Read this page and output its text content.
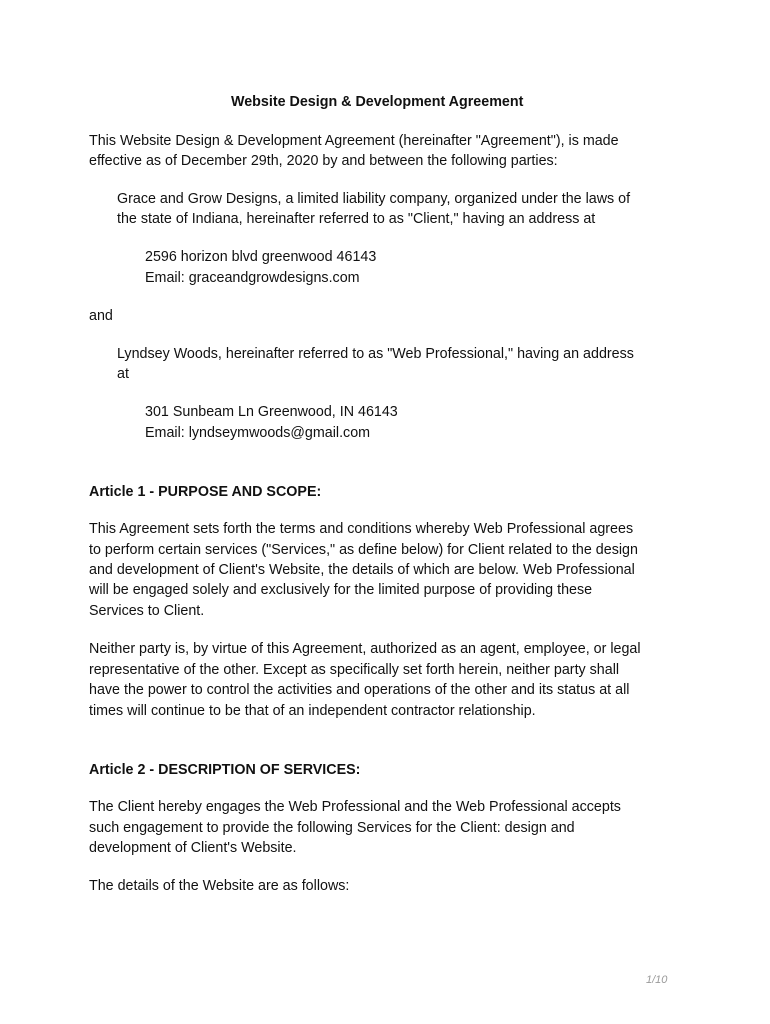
Website Design & Development Agreement

This Website Design & Development Agreement (hereinafter "Agreement"), is made

effective as of December 29th, 2020 by and between the following parties:

Grace and Grow Designs, a limited liability company, organized under the laws of

the state of Indiana, hereinafter referred to as "Client," having an address at

2596 horizon blvd greenwood 46143

Email: graceandgrowdesigns.com

and

Lyndsey Woods, hereinafter referred to as "Web Professional," having an address

at

301 Sunbeam Ln Greenwood, IN 46143

Email: lyndseymwoods@gmail.com

Article 1 - PURPOSE AND SCOPE:

This Agreement sets forth the terms and conditions whereby Web Professional agrees

to perform certain services ("Services," as define below) for Client related to the design

and development of Client's Website, the details of which are below. Web Professional

will be engaged solely and exclusively for the limited purpose of providing these

Services to Client.

Neither party is, by virtue of this Agreement, authorized as an agent, employee, or legal

representative of the other. Except as specifically set forth herein, neither party shall

have the power to control the activities and operations of the other and its status at all

times will continue to be that of an independent contractor relationship.

Article 2 - DESCRIPTION OF SERVICES:

The Client hereby engages the Web Professional and the Web Professional accepts

such engagement to provide the following Services for the Client: design and

development of Client's Website.

The details of the Website are as follows:

1/10
